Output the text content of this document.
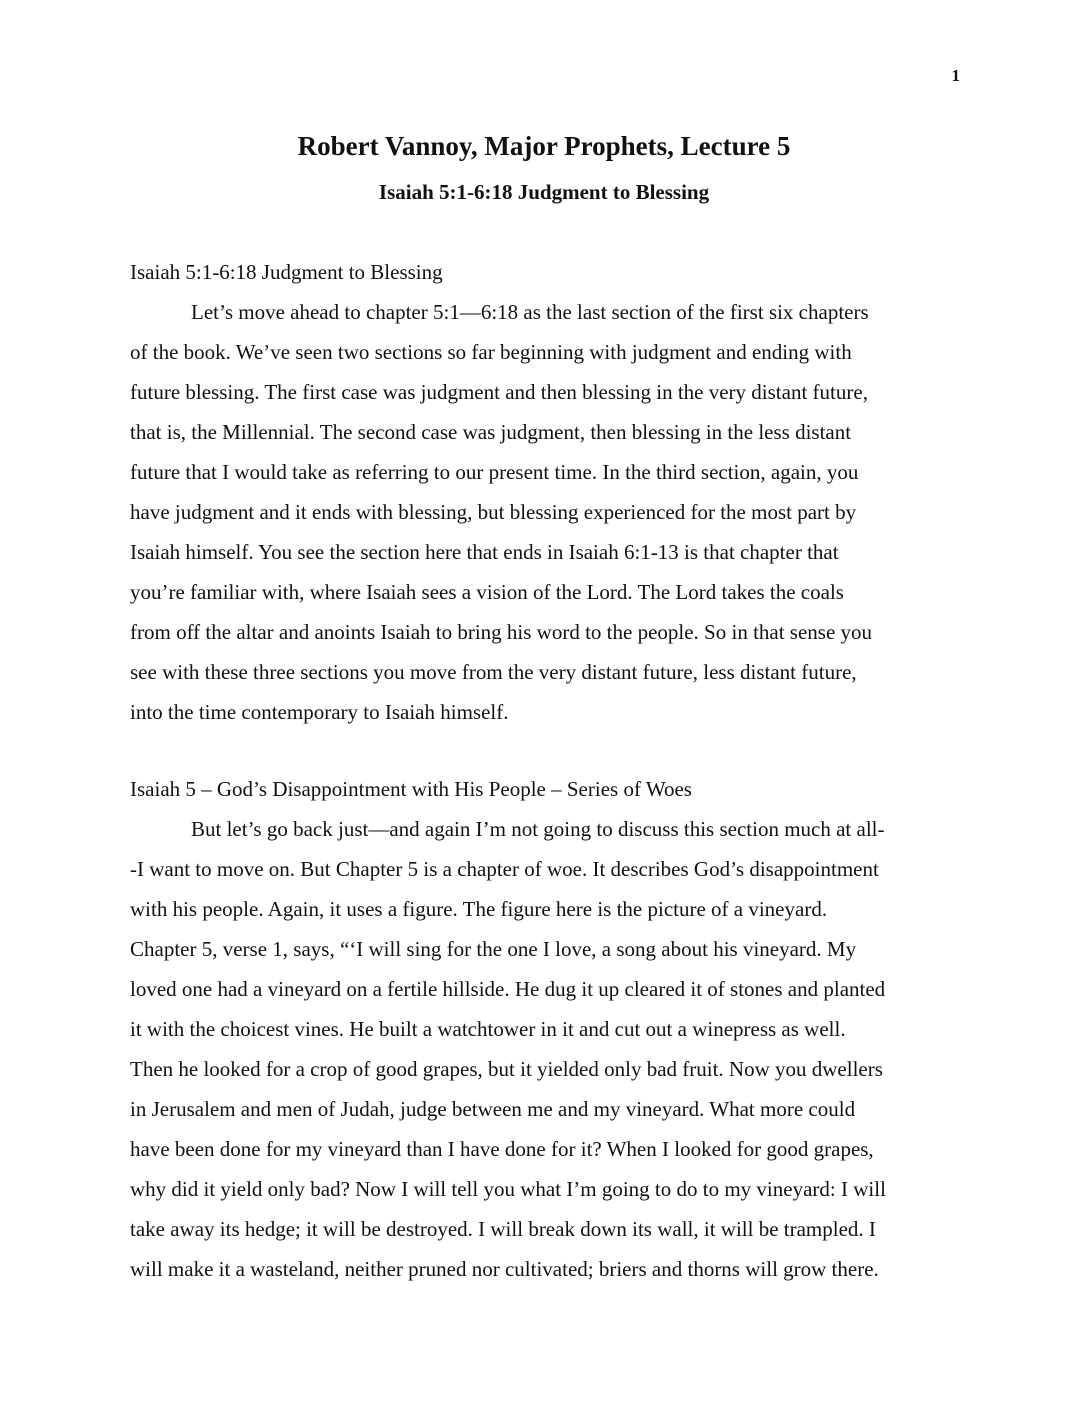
1
Robert Vannoy, Major Prophets, Lecture 5
Isaiah 5:1-6:18 Judgment to Blessing
Isaiah 5:1-6:18 Judgment to Blessing
Let’s move ahead to chapter 5:1—6:18 as the last section of the first six chapters
of the book. We’ve seen two sections so far beginning with judgment and ending with
future blessing. The first case was judgment and then blessing in the very distant future,
that is, the Millennial. The second case was judgment, then blessing in the less distant
future that I would take as referring to our present time. In the third section, again, you
have judgment and it ends with blessing, but blessing experienced for the most part by
Isaiah himself. You see the section here that ends in Isaiah 6:1-13 is that chapter that
you’re familiar with, where Isaiah sees a vision of the Lord. The Lord takes the coals
from off the altar and anoints Isaiah to bring his word to the people. So in that sense you
see with these three sections you move from the very distant future, less distant future,
into the time contemporary to Isaiah himself.
Isaiah 5 – God’s Disappointment with His People – Series of Woes
But let’s go back just—and again I’m not going to discuss this section much at all-
-I want to move on. But Chapter 5 is a chapter of woe. It describes God’s disappointment
with his people. Again, it uses a figure. The figure here is the picture of a vineyard.
Chapter 5, verse 1, says, “‘I will sing for the one I love, a song about his vineyard. My
loved one had a vineyard on a fertile hillside. He dug it up cleared it of stones and planted
it with the choicest vines. He built a watchtower in it and cut out a winepress as well.
Then he looked for a crop of good grapes, but it yielded only bad fruit. Now you dwellers
in Jerusalem and men of Judah, judge between me and my vineyard. What more could
have been done for my vineyard than I have done for it? When I looked for good grapes,
why did it yield only bad? Now I will tell you what I’m going to do to my vineyard: I will
take away its hedge; it will be destroyed. I will break down its wall, it will be trampled. I
will make it a wasteland, neither pruned nor cultivated; briers and thorns will grow there.
